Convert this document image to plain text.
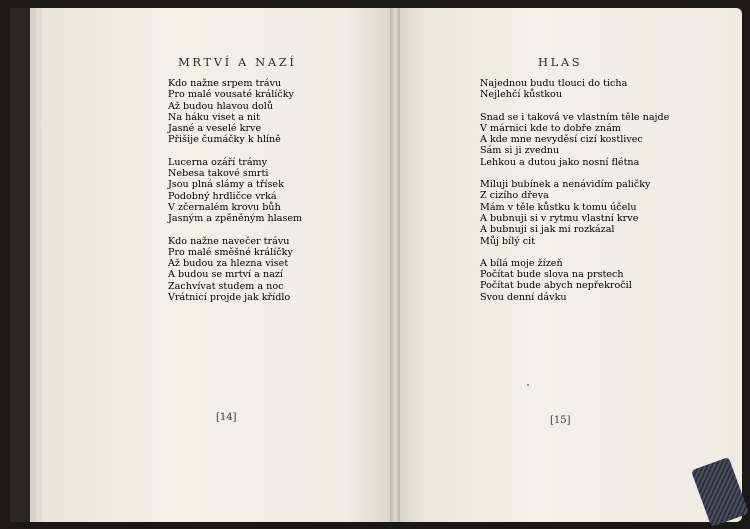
MRTVÍ A NAZÍ
Kdo nažne srpem trávu
Pro malé vousaté králíčky
Až budou hlavou dolů
Na háku viset a nit
Jasné a veselé krve
Přišije čumáčky k hlíně
Lucerna ozáří trámy
Nebesa takové smrti
Jsou plná slámy a třísek
Podobný hrdličce vrká
V zčernalém krovu bůh
Jasným a zpěněným hlasem
Kdo nažne navečer trávu
Pro malé směšné králíčky
Až budou za hlezna viset
A budou se mrtví a nazí
Zachvívat studem a noc
Vrátnicí projde jak křídlo
[14]
HLAS
Najednou budu tlouci do ticha
Nejlehčí kůstkou
Snad se i taková ve vlastním těle najde
V márnici kde to dobře znám
A kde mne nevyděsí cizí kostlivec
Sám si ji zvednu
Lehkou a dutou jako nosní flétna
Miluji bubínek a nenávidím paličky
Z cizího dřeva
Mám v těle kůstku k tomu účelu
A bubnuji si v rytmu vlastní krve
A bubnuji si jak mi rozkázal
Můj bílý cit
A bílá moje žízeň
Počítat bude slova na prstech
Počítat bude abych nepřekročil
Svou denní dávku
[15]
